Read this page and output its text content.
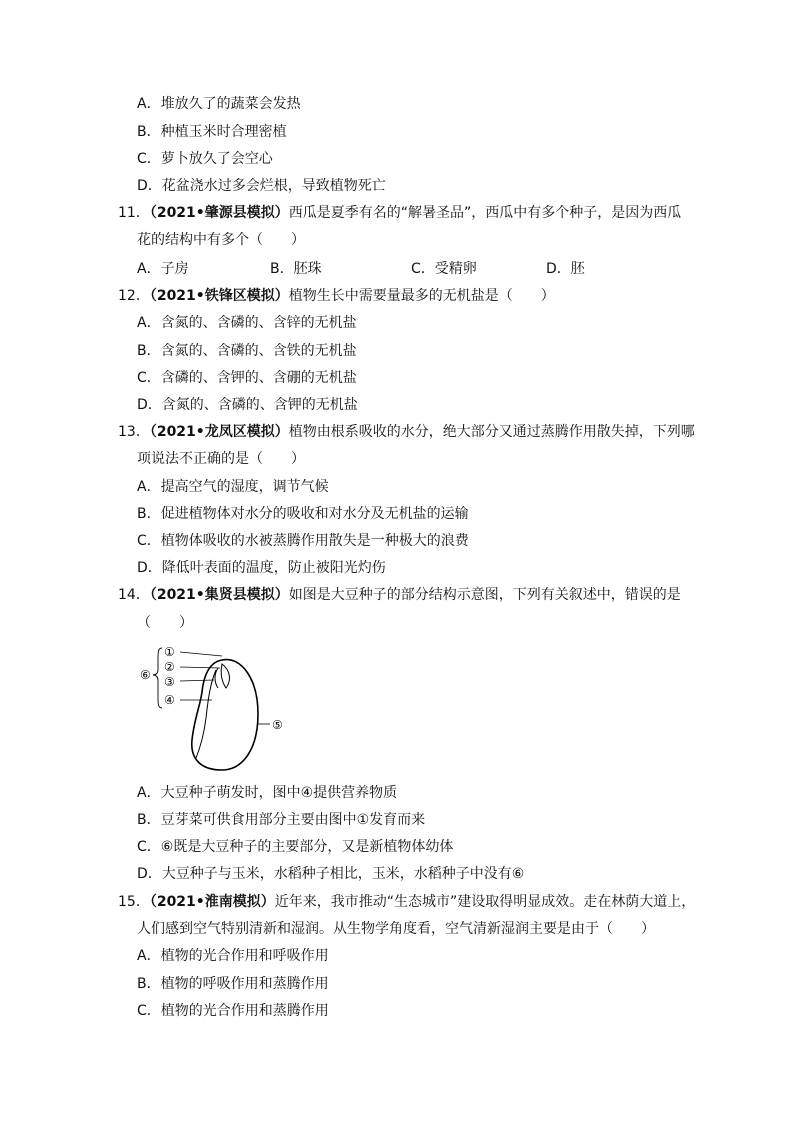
A．堆放久了的蔬菜会发热
B．种植玉米时合理密植
C．萝卜放久了会空心
D．花盆浇水过多会烂根，导致植物死亡
11．（2021•肇源县模拟）西瓜是夏季有名的“解暑圣品”，西瓜中有多个种子，是因为西瓜
花的结构中有多个（　　）
A．子房	B．胚珠	C．受精卵	D．胚
12．（2021•铁锋区模拟）植物生长中需要量最多的无机盐是（　　）
A．含氮的、含磷的、含锌的无机盐
B．含氮的、含磷的、含铁的无机盐
C．含磷的、含钾的、含硼的无机盐
D．含氮的、含磷的、含钾的无机盐
13．（2021•龙凤区模拟）植物由根系吸收的水分，绝大部分又通过蒸腾作用散失掉，下列哪
项说法不正确的是（　　）
A．提高空气的湿度，调节气候
B．促进植物体对水分的吸收和对水分及无机盐的运输
C．植物体吸收的水被蒸腾作用散失是一种极大的浪费
D．降低叶表面的温度，防止被阳光灼伤
14．（2021•集贤县模拟）如图是大豆种子的部分结构示意图，下列有关叙述中，错误的是
（　　）
①
②
③
④
⑤
⑥
A．大豆种子萌发时，图中④提供营养物质
B．豆芽菜可供食用部分主要由图中①发育而来
C．⑥既是大豆种子的主要部分，又是新植物体幼体
D．大豆种子与玉米，水稻种子相比，玉米，水稻种子中没有⑥
15．（2021•淮南模拟）近年来，我市推动“生态城市”建设取得明显成效。走在林荫大道上，
人们感到空气特别清新和湿润。从生物学角度看，空气清新湿润主要是由于（　　）
A．植物的光合作用和呼吸作用
B．植物的呼吸作用和蒸腾作用
C．植物的光合作用和蒸腾作用
